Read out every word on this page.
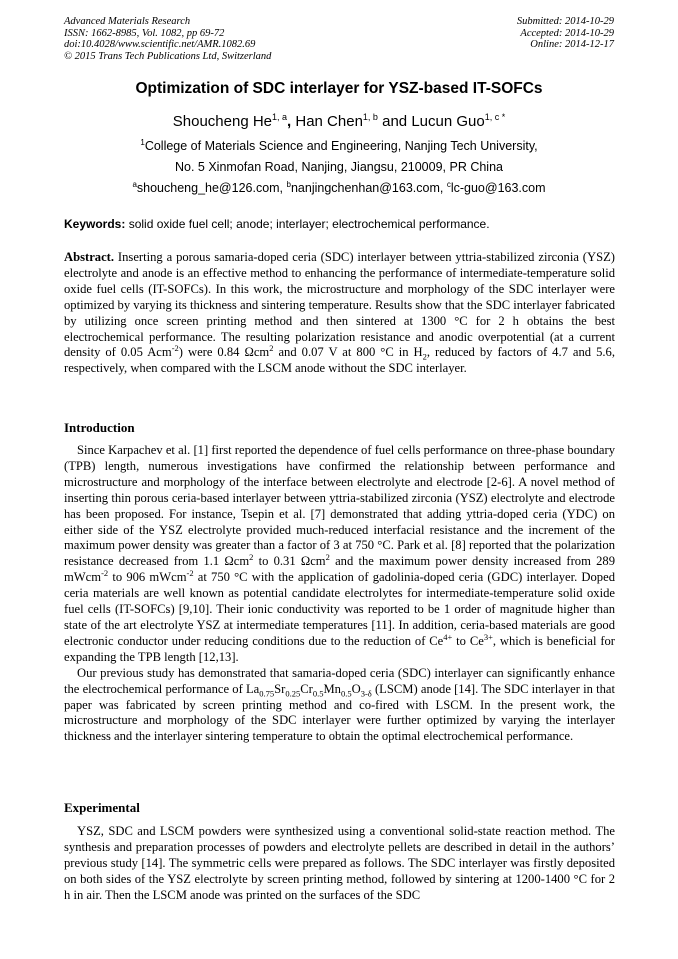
Advanced Materials Research
ISSN: 1662-8985, Vol. 1082, pp 69-72
doi:10.4028/www.scientific.net/AMR.1082.69
© 2015 Trans Tech Publications Ltd, Switzerland
Submitted: 2014-10-29
Accepted: 2014-10-29
Online: 2014-12-17
Optimization of SDC interlayer for YSZ-based IT-SOFCs
Shoucheng He$^{1, a}$, Han Chen$^{1, b}$ and Lucun Guo$^{1, c *}$
$^1$College of Materials Science and Engineering, Nanjing Tech University,
No. 5 Xinmofan Road, Nanjing, Jiangsu, 210009, PR China
$^a$shoucheng_he@126.com, $^b$nanjingchenhan@163.com, $^c$lc-guo@163.com
Keywords: solid oxide fuel cell; anode; interlayer; electrochemical performance.

Abstract. Inserting a porous samaria-doped ceria (SDC) interlayer between yttria-stabilized zirconia (YSZ) electrolyte and anode is an effective method to enhancing the performance of intermediate-temperature solid oxide fuel cells (IT-SOFCs). In this work, the microstructure and morphology of the SDC interlayer were optimized by varying its thickness and sintering temperature. Results show that the SDC interlayer fabricated by utilizing once screen printing method and then sintered at 1300 °C for 2 h obtains the best electrochemical performance. The resulting polarization resistance and anodic overpotential (at a current density of 0.05 Acm$^{-2}$) were 0.84 Ωcm$^2$ and 0.07 V at 800 °C in $H_2$, reduced by factors of 4.7 and 5.6, respectively, when compared with the LSCM anode without the SDC interlayer.

Introduction

Since Karpachev et al. [1] first reported the dependence of fuel cells performance on three-phase boundary (TPB) length, numerous investigations have confirmed the relationship between performance and microstructure and morphology of the interface between electrolyte and electrode [2-6]. A novel method of inserting thin porous ceria-based interlayer between yttria-stabilized zirconia (YSZ) electrolyte and electrode has been proposed. For instance, Tsepin et al. [7] demonstrated that adding yttria-doped ceria (YDC) on either side of the YSZ electrolyte provided much-reduced interfacial resistance and the increment of the maximum power density was greater than a factor of 3 at 750 °C. Park et al. [8] reported that the polarization resistance decreased from 1.1 Ωcm$^2$ to 0.31 Ωcm$^2$ and the maximum power density increased from 289 mWcm$^{-2}$ to 906 mWcm$^{-2}$ at 750 °C with the application of gadolinia-doped ceria (GDC) interlayer. Doped ceria materials are well known as potential candidate electrolytes for intermediate-temperature solid oxide fuel cells (IT-SOFCs) [9,10]. Their ionic conductivity was reported to be 1 order of magnitude higher than state of the art electrolyte YSZ at intermediate temperatures [11]. In addition, ceria-based materials are good electronic conductor under reducing conditions due to the reduction of $Ce^{4+}$ to $Ce^{3+}$, which is beneficial for expanding the TPB length [12,13].

Our previous study has demonstrated that samaria-doped ceria (SDC) interlayer can significantly enhance the electrochemical performance of $La_{0.75}Sr_{0.25}Cr_{0.5}Mn_{0.5}O_{3-\delta}$ (LSCM) anode [14]. The SDC interlayer in that paper was fabricated by screen printing method and co-fired with LSCM. In the present work, the microstructure and morphology of the SDC interlayer were further optimized by varying the interlayer thickness and the interlayer sintering temperature to obtain the optimal electrochemical performance.

Experimental

YSZ, SDC and LSCM powders were synthesized using a conventional solid-state reaction method. The synthesis and preparation processes of powders and electrolyte pellets are described in detail in the authors’ previous study [14]. The symmetric cells were prepared as follows. The SDC interlayer was firstly deposited on both sides of the YSZ electrolyte by screen printing method, followed by sintering at 1200-1400 °C for 2 h in air. Then the LSCM anode was printed on the surfaces of the SDC
